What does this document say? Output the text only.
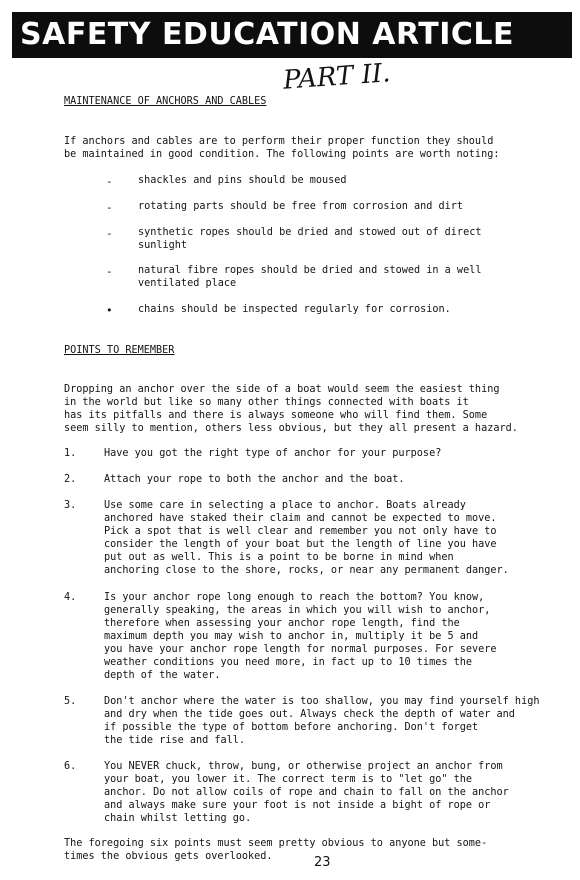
SAFETY EDUCATION ARTICLE
PART II.
MAINTENANCE OF ANCHORS AND CABLES
If anchors and cables are to perform their proper function they should
be maintained in good condition. The following points are worth noting:
- shackles and pins should be moused
- rotating parts should be free from corrosion and dirt
- synthetic ropes should be dried and stowed out of direct
sunlight
- natural fibre ropes should be dried and stowed in a well
ventilated place
• chains should be inspected regularly for corrosion.
POINTS TO REMEMBER
Dropping an anchor over the side of a boat would seem the easiest thing
in the world but like so many other things connected with boats it
has its pitfalls and there is always someone who will find them. Some
seem silly to mention, others less obvious, but they all present a hazard.
1.	Have you got the right type of anchor for your purpose?
2.	Attach your rope to both the anchor and the boat.
3.	Use some care in selecting a place to anchor. Boats already
anchored have staked their claim and cannot be expected to move.
Pick a spot that is well clear and remember you not only have to
consider the length of your boat but the length of line you have
put out as well. This is a point to be borne in mind when
anchoring close to the shore, rocks, or near any permanent danger.
4.	Is your anchor rope long enough to reach the bottom? You know,
generally speaking, the areas in which you will wish to anchor,
therefore when assessing your anchor rope length, find the
maximum depth you may wish to anchor in, multiply it be 5 and
you have your anchor rope length for normal purposes. For severe
weather conditions you need more, in fact up to 10 times the
depth of the water.
5.	Don't anchor where the water is too shallow, you may find yourself high
and dry when the tide goes out. Always check the depth of water and
if possible the type of bottom before anchoring. Don't forget
the tide rise and fall.
6.	You NEVER chuck, throw, bung, or otherwise project an anchor from
your boat, you lower it. The correct term is to "let go" the
anchor. Do not allow coils of rope and chain to fall on the anchor
and always make sure your foot is not inside a bight of rope or
chain whilst letting go.
The foregoing six points must seem pretty obvious to anyone but some-
times the obvious gets overlooked.	23
